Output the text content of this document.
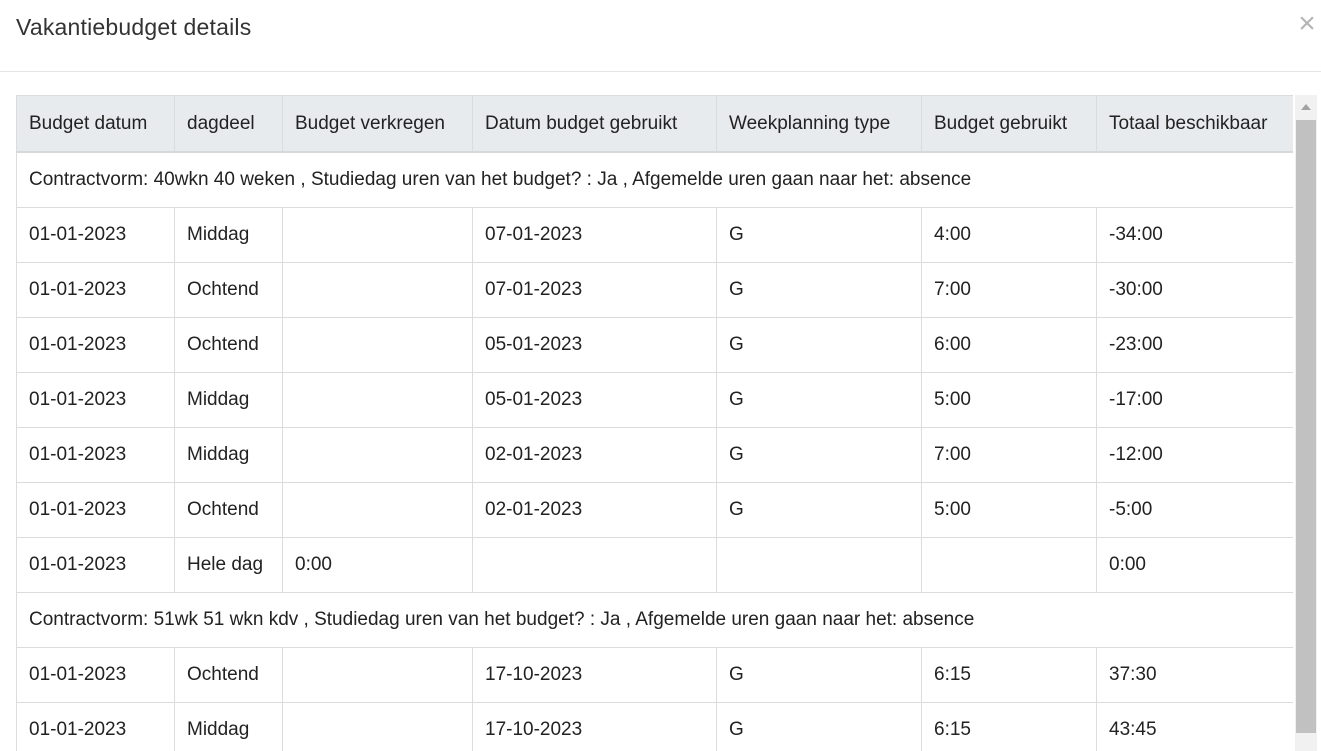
Vakantiebudget details	×
Budget datum	dagdeel	Budget verkregen	Datum budget gebruikt	Weekplanning type	Budget gebruikt	Totaal beschikbaar
Contractvorm: 40wkn 40 weken , Studiedag uren van het budget? : Ja , Afgemelde uren gaan naar het: absence						
01-01-2023	Middag		07-01-2023	G	4:00	-34:00
01-01-2023	Ochtend		07-01-2023	G	7:00	-30:00
01-01-2023	Ochtend		05-01-2023	G	6:00	-23:00
01-01-2023	Middag		05-01-2023	G	5:00	-17:00
01-01-2023	Middag		02-01-2023	G	7:00	-12:00
01-01-2023	Ochtend		02-01-2023	G	5:00	-5:00
01-01-2023	Hele dag	0:00				0:00
Contractvorm: 51wk 51 wkn kdv , Studiedag uren van het budget? : Ja , Afgemelde uren gaan naar het: absence						
01-01-2023	Ochtend		17-10-2023	G	6:15	37:30
01-01-2023	Middag		17-10-2023	G	6:15	43:45
